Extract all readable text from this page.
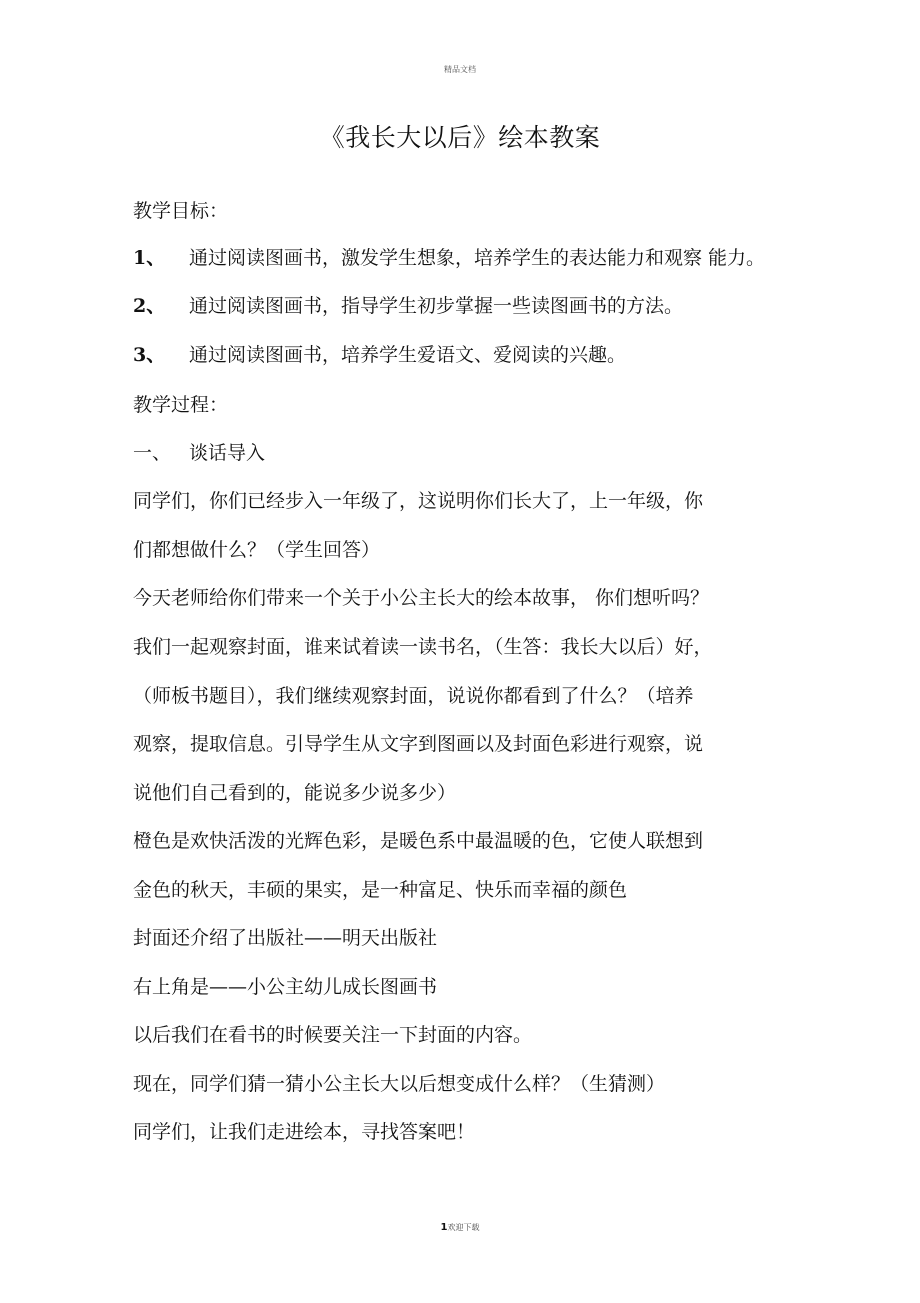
精品文档
《我长大以后》绘本教案
教学目标：
1、 通过阅读图画书，激发学生想象，培养学生的表达能力和观察 能力。
2、 通过阅读图画书，指导学生初步掌握一些读图画书的方法。
3、 通过阅读图画书，培养学生爱语文、爱阅读的兴趣。
教学过程：
一、 谈话导入
同学们，你们已经步入一年级了，这说明你们长大了，上一年级，你
们都想做什么？（学生回答）
今天老师给你们带来一个关于小公主长大的绘本故事， 你们想听吗？
我们一起观察封面，谁来试着读一读书名，（生答：我长大以后）好，
（师板书题目），我们继续观察封面，说说你都看到了什么？（培养
观察，提取信息。引导学生从文字到图画以及封面色彩进行观察，说
说他们自己看到的，能说多少说多少）
橙色是欢快活泼的光辉色彩，是暖色系中最温暖的色，它使人联想到
金色的秋天，丰硕的果实，是一种富足、快乐而幸福的颜色
封面还介绍了出版社——明天出版社
右上角是——小公主幼儿成长图画书
以后我们在看书的时候要关注一下封面的内容。
现在，同学们猜一猜小公主长大以后想变成什么样？（生猜测）
同学们，让我们走进绘本，寻找答案吧！
1欢迎下载
